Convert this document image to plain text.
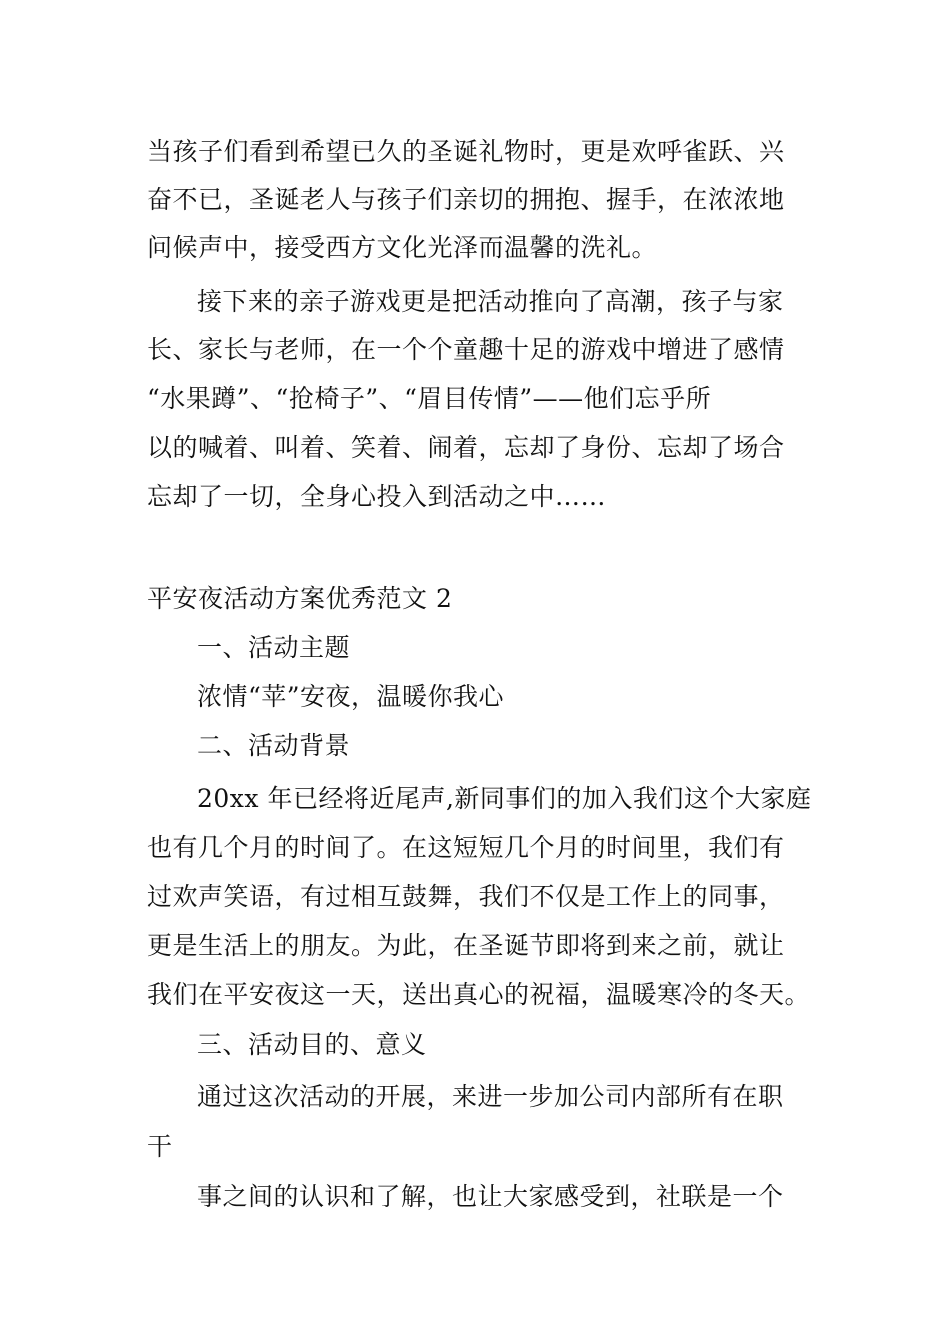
当孩子们看到希望已久的圣诞礼物时，更是欢呼雀跃、兴
奋不已，圣诞老人与孩子们亲切的拥抱、握手，在浓浓地
问候声中，接受西方文化光泽而温馨的洗礼。
接下来的亲子游戏更是把活动推向了高潮，孩子与家
长、家长与老师，在一个个童趣十足的游戏中增进了感情
“水果蹲”、“抢椅子”、“眉目传情”——他们忘乎所
以的喊着、叫着、笑着、闹着，忘却了身份、忘却了场合
忘却了一切，全身心投入到活动之中……
平安夜活动方案优秀范文 2
一、活动主题
浓情“苹”安夜，温暖你我心
二、活动背景
20xx 年已经将近尾声,新同事们的加入我们这个大家庭
也有几个月的时间了。在这短短几个月的时间里，我们有
过欢声笑语，有过相互鼓舞，我们不仅是工作上的同事，
更是生活上的朋友。为此，在圣诞节即将到来之前，就让
我们在平安夜这一天，送出真心的祝福，温暖寒冷的冬天。
三、活动目的、意义
通过这次活动的开展，来进一步加公司内部所有在职
干
事之间的认识和了解，也让大家感受到，社联是一个
